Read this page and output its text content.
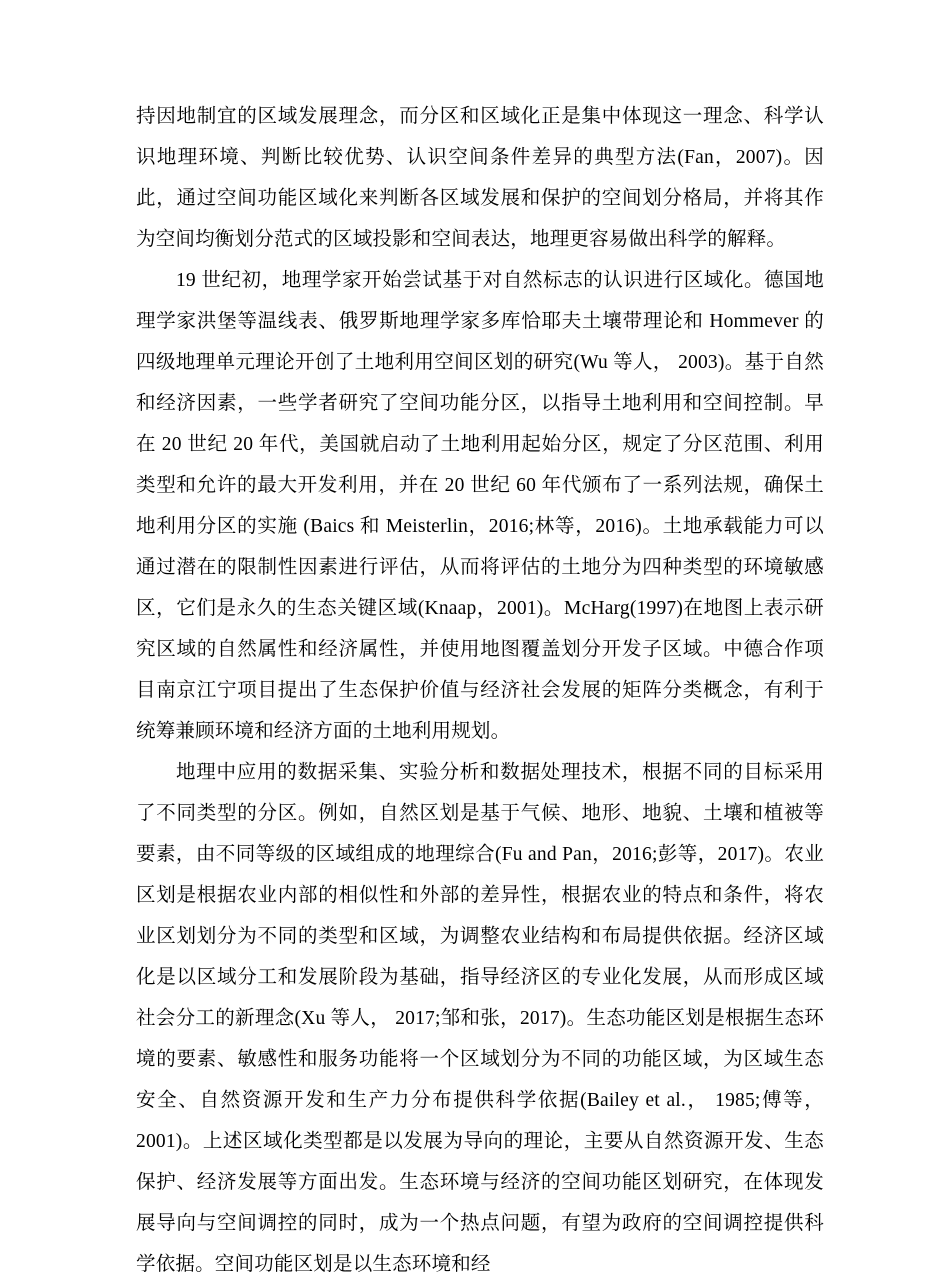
持因地制宜的区域发展理念，而分区和区域化正是集中体现这一理念、科学认识地理环境、判断比较优势、认识空间条件差异的典型方法(Fan，2007)。因此，通过空间功能区域化来判断各区域发展和保护的空间划分格局，并将其作为空间均衡划分范式的区域投影和空间表达，地理更容易做出科学的解释。

19 世纪初，地理学家开始尝试基于对自然标志的认识进行区域化。德国地理学家洪堡等温线表、俄罗斯地理学家多库恰耶夫土壤带理论和 Hommever 的四级地理单元理论开创了土地利用空间区划的研究(Wu 等人， 2003)。基于自然和经济因素，一些学者研究了空间功能分区，以指导土地利用和空间控制。早在 20 世纪 20 年代，美国就启动了土地利用起始分区，规定了分区范围、利用类型和允许的最大开发利用，并在 20 世纪 60 年代颁布了一系列法规，确保土地利用分区的实施 (Baics 和 Meisterlin，2016;林等，2016)。土地承载能力可以通过潜在的限制性因素进行评估，从而将评估的土地分为四种类型的环境敏感区，它们是永久的生态关键区域(Knaap，2001)。McHarg(1997)在地图上表示研究区域的自然属性和经济属性，并使用地图覆盖划分开发子区域。中德合作项目南京江宁项目提出了生态保护价值与经济社会发展的矩阵分类概念，有利于统筹兼顾环境和经济方面的土地利用规划。

地理中应用的数据采集、实验分析和数据处理技术，根据不同的目标采用了不同类型的分区。例如，自然区划是基于气候、地形、地貌、土壤和植被等要素，由不同等级的区域组成的地理综合(Fu and Pan，2016;彭等，2017)。农业区划是根据农业内部的相似性和外部的差异性，根据农业的特点和条件，将农业区划划分为不同的类型和区域，为调整农业结构和布局提供依据。经济区域化是以区域分工和发展阶段为基础，指导经济区的专业化发展，从而形成区域社会分工的新理念(Xu 等人， 2017;邹和张，2017)。生态功能区划是根据生态环境的要素、敏感性和服务功能将一个区域划分为不同的功能区域，为区域生态安全、自然资源开发和生产力分布提供科学依据(Bailey et al.， 1985;傅等，2001)。上述区域化类型都是以发展为导向的理论，主要从自然资源开发、生态保护、经济发展等方面出发。生态环境与经济的空间功能区划研究，在体现发展导向与空间调控的同时，成为一个热点问题，有望为政府的空间调控提供科学依据。空间功能区划是以生态环境和经
